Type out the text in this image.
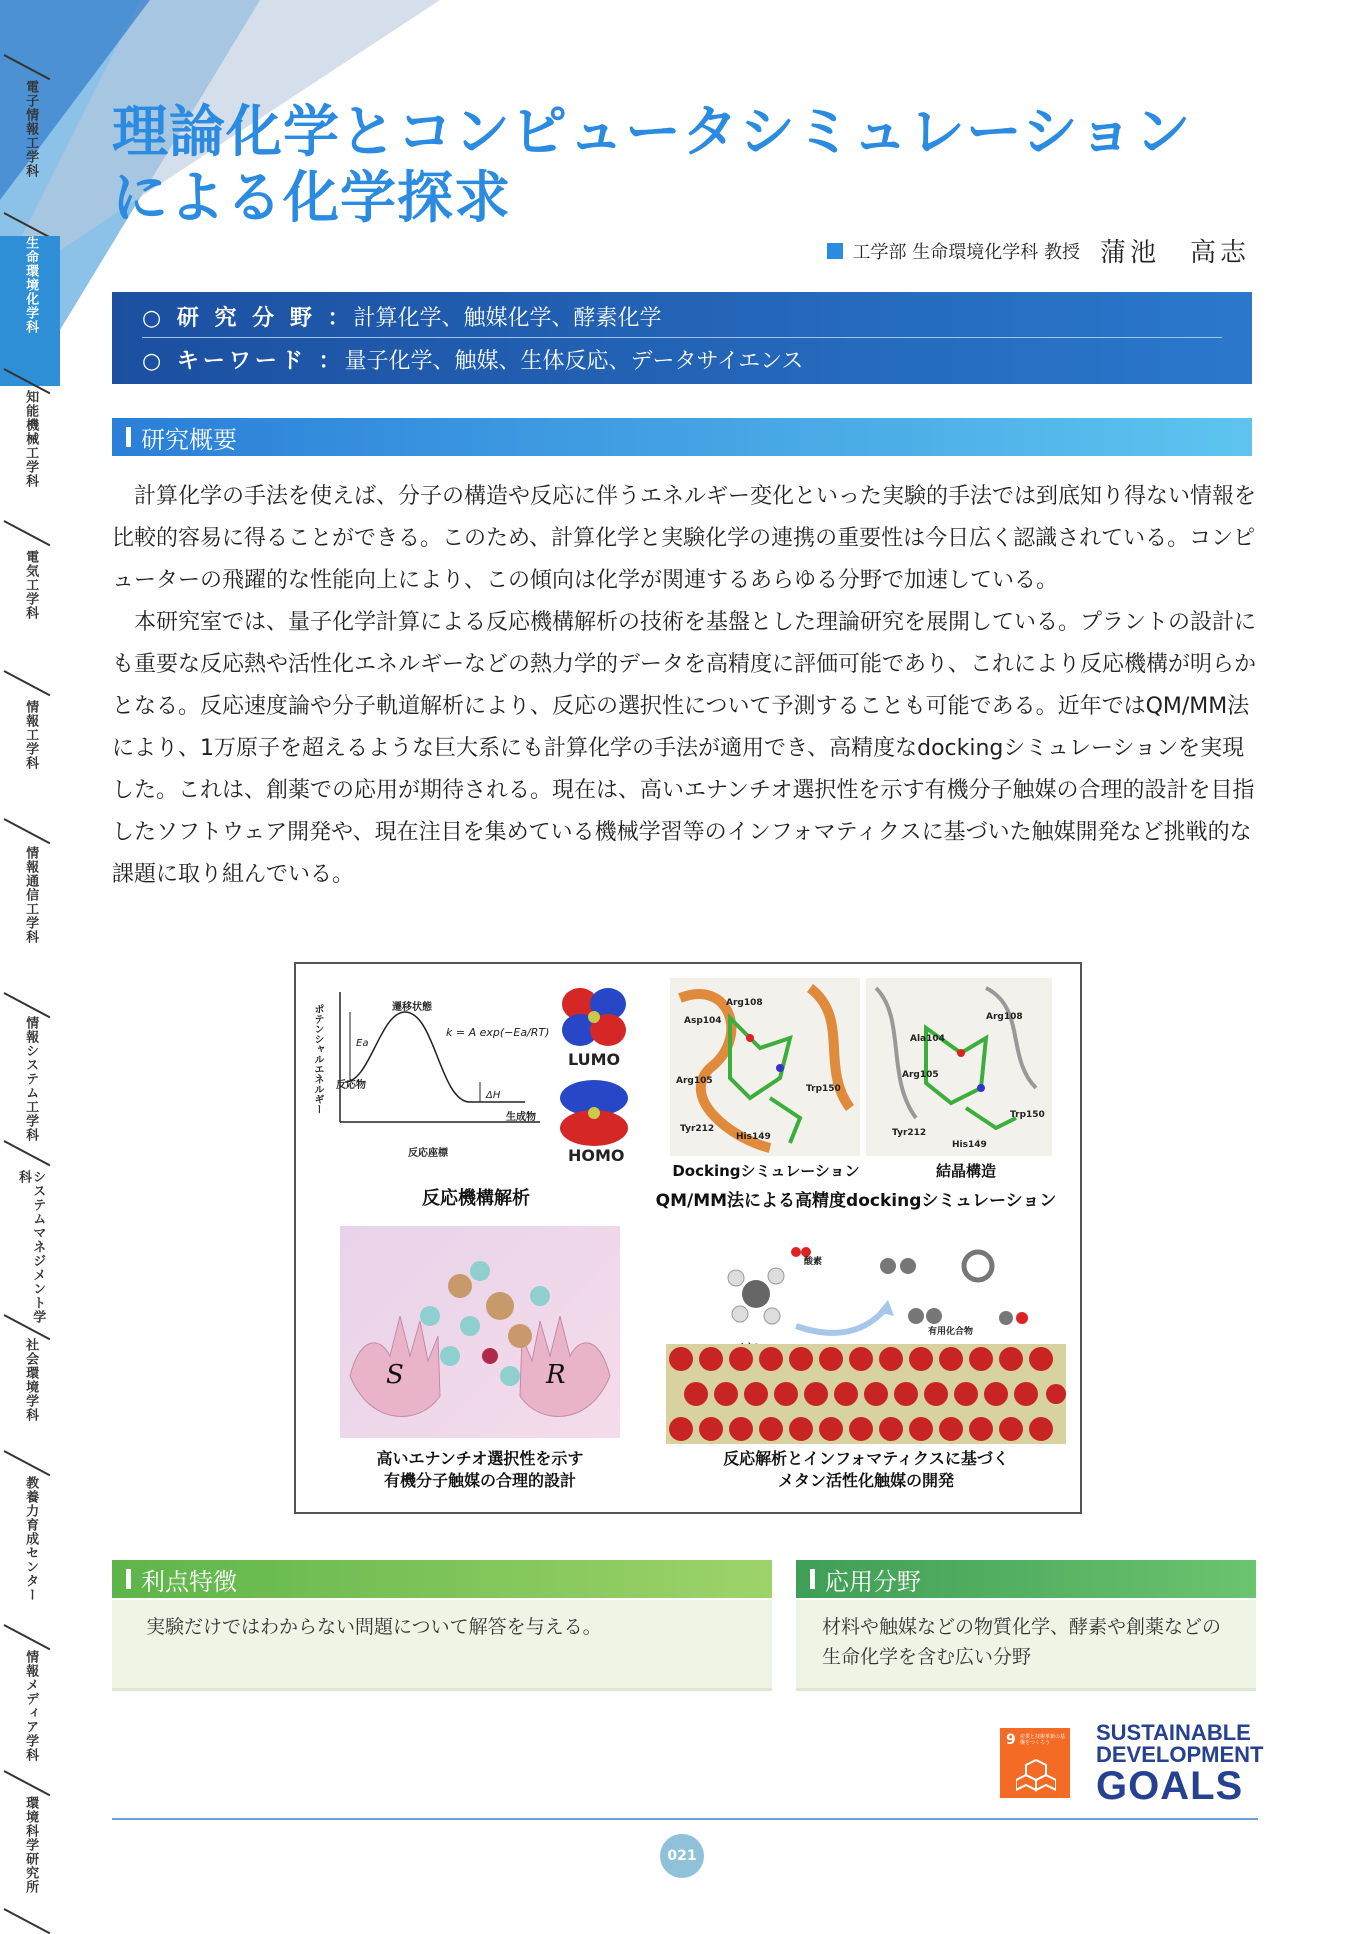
電子情報工学科
生命環境化学科
知能機械工学科
電気工学科
情報工学科
情報通信工学科
情報システム工学科
システムマネジメント学科
社会環境学科
教養力育成センター
情報メディア学科
環境科学研究所
理論化学とコンピュータシミュレーション
による化学探求
工学部 生命環境化学科 教授 蒲池　高志
○ 研 究 分 野 ： 計算化学、触媒化学、酵素化学
○ キーワード ： 量子化学、触媒、生体反応、データサイエンス
研究概要

計算化学の手法を使えば、分子の構造や反応に伴うエネルギー変化といった実験的手法では到底知り得ない情報を比較的容易に得ることができる。このため、計算化学と実験化学の連携の重要性は今日広く認識されている。コンピューターの飛躍的な性能向上により、この傾向は化学が関連するあらゆる分野で加速している。

本研究室では、量子化学計算による反応機構解析の技術を基盤とした理論研究を展開している。プラントの設計にも重要な反応熱や活性化エネルギーなどの熱力学的データを高精度に評価可能であり、これにより反応機構が明らかとなる。反応速度論や分子軌道解析により、反応の選択性について予測することも可能である。近年ではQM/MM法により、1万原子を超えるような巨大系にも計算化学の手法が適用でき、高精度なdockingシミュレーションを実現した。これは、創薬での応用が期待される。現在は、高いエナンチオ選択性を示す有機分子触媒の合理的設計を目指したソフトウェア開発や、現在注目を集めている機械学習等のインフォマティクスに基づいた触媒開発など挑戦的な課題に取り組んでいる。

ポテンシャルエネルギー
反応座標
遷移状態
反応物
生成物
Ea
ΔH
k = A exp(−Ea/RT)
LUMO
HOMO
反応機構解析
Arg108
Asp104
Arg105
Trp150
Tyr212
His149
Ala104
Arg108
Arg105
Trp150
Tyr212
His149
Dockingシミュレーション	結晶構造
QM/MM法による高精度dockingシミュレーション
S	R
高いエナンチオ選択性を示す
有機分子触媒の合理的設計
酸素
有用化合物
反応解析とインフォマティクスに基づく
メタン活性化触媒の開発
利点特徴
実験だけではわからない問題について解答を与える。
応用分野
材料や触媒などの物質化学、酵素や創薬などの生命化学を含む広い分野
9 産業と技術革新の基盤をつくろう	SUSTAINABLE
DEVELOPMENT
GOALS
021
